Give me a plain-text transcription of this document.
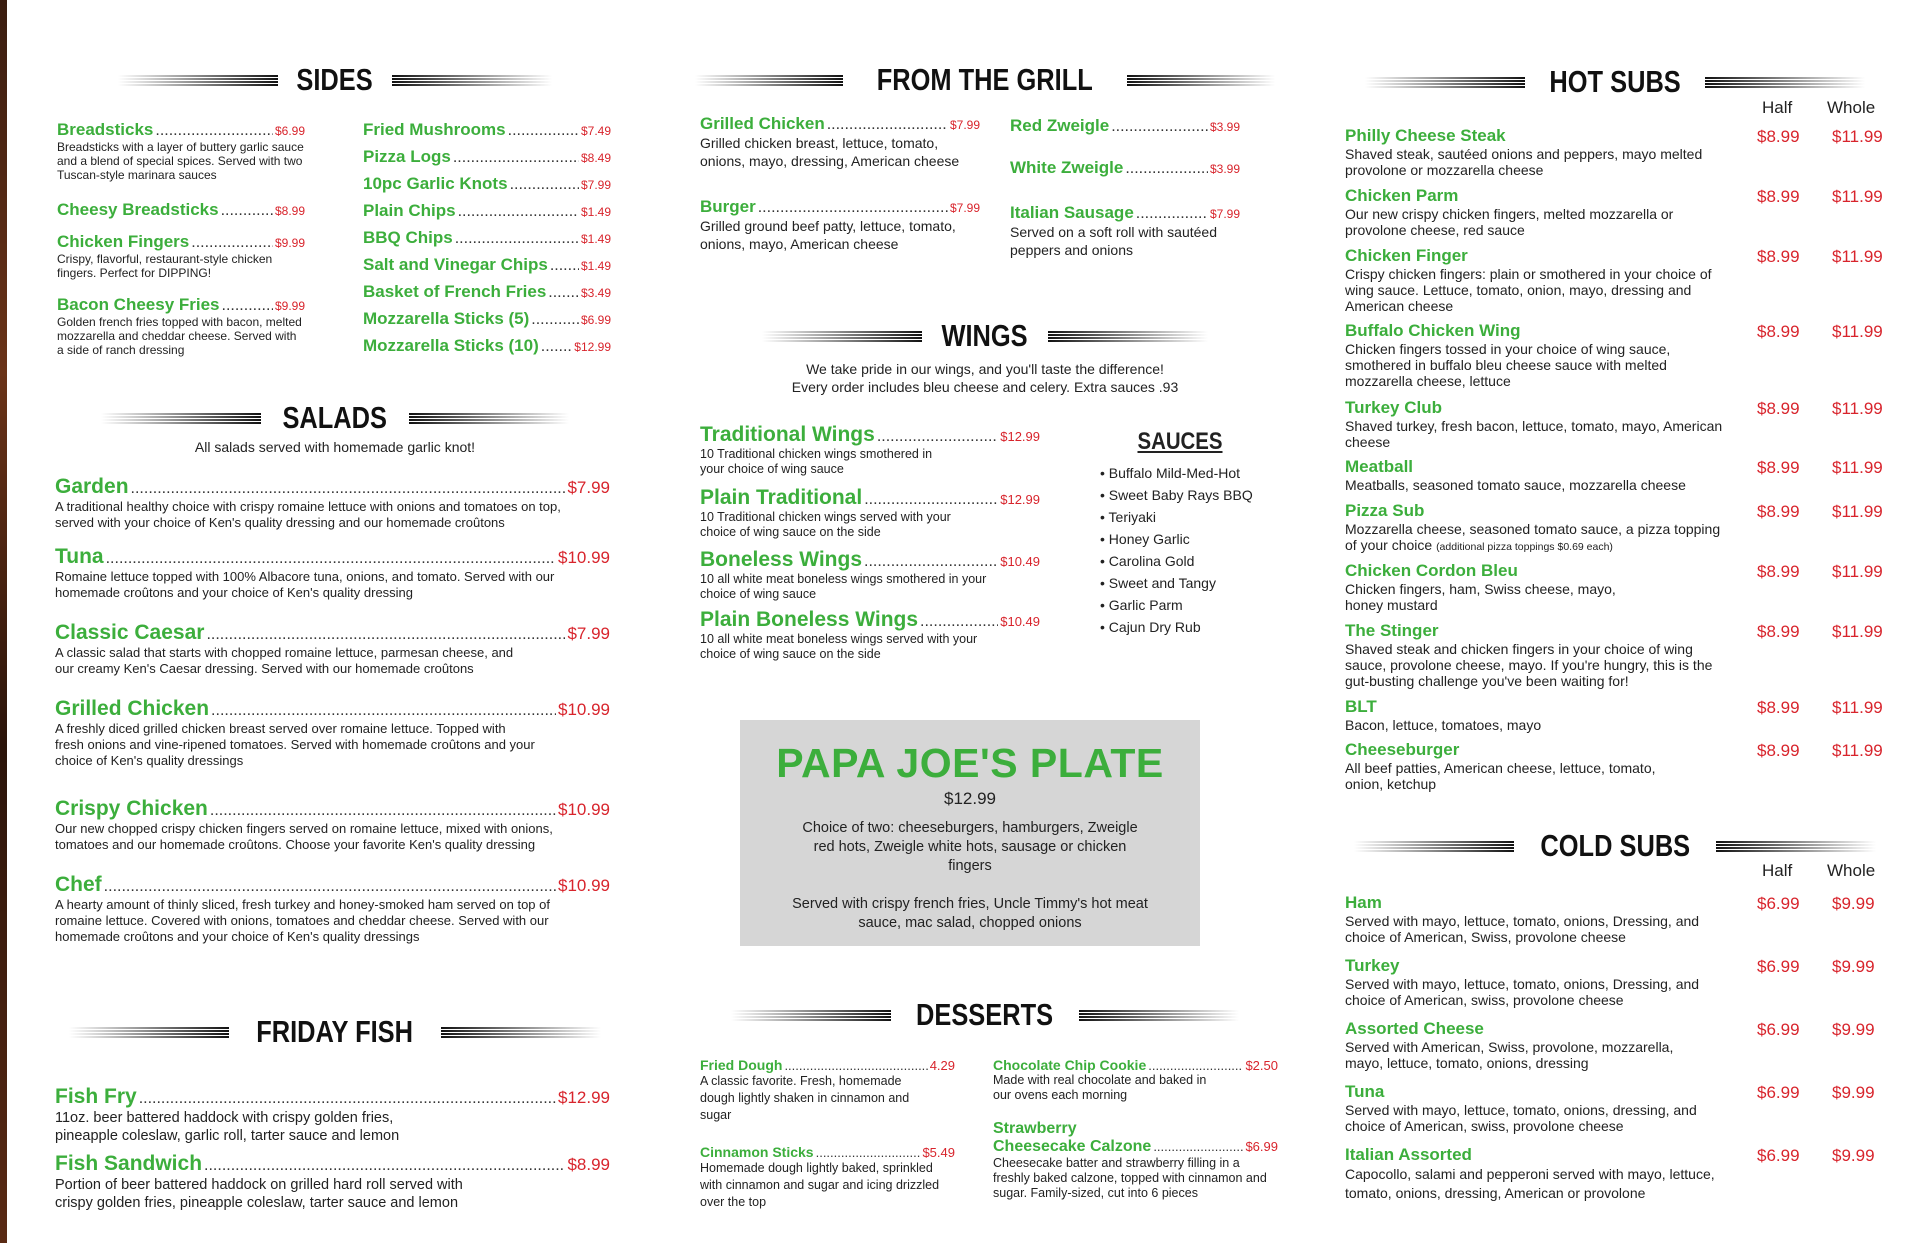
SIDES
Breadsticks .....	$6.99
Breadsticks with a layer of buttery garlic sauce and a blend of special spices. Served with two Tuscan-style marinara sauces
Cheesy Breadsticks .....	$8.99
Chicken Fingers .....	$9.99
Crispy, flavorful, restaurant-style chicken fingers. Perfect for DIPPING!
Bacon Cheesy Fries .....	$9.99
Golden french fries topped with bacon, melted mozzarella and cheddar cheese. Served with a side of ranch dressing
Fried Mushrooms .....	$7.49
Pizza Logs .....	$8.49
10pc Garlic Knots .....	$7.99
Plain Chips .....	$1.49
BBQ Chips .....	$1.49
Salt and Vinegar Chips .....	$1.49
Basket of French Fries .....	$3.49
Mozzarella Sticks (5) .....	$6.99
Mozzarella Sticks (10) .....	$12.99
SALADS
All salads served with homemade garlic knot!
Garden .....	$7.99
A traditional healthy choice with crispy romaine lettuce with onions and tomatoes on top, served with your choice of Ken's quality dressing and our homemade croûtons
Tuna .....	$10.99
Romaine lettuce topped with 100% Albacore tuna, onions, and tomato. Served with our homemade croûtons and your choice of Ken's quality dressing
Classic Caesar .....	$7.99
A classic salad that starts with chopped romaine lettuce, parmesan cheese, and our creamy Ken's Caesar dressing. Served with our homemade croûtons
Grilled Chicken .....	$10.99
A freshly diced grilled chicken breast served over romaine lettuce. Topped with fresh onions and vine-ripened tomatoes. Served with homemade croûtons and your choice of Ken's quality dressings
Crispy Chicken .....	$10.99
Our new chopped crispy chicken fingers served on romaine lettuce, mixed with onions, tomatoes and our homemade croûtons. Choose your favorite Ken's quality dressing
Chef .....	$10.99
A hearty amount of thinly sliced, fresh turkey and honey-smoked ham served on top of romaine lettuce. Covered with onions, tomatoes and cheddar cheese. Served with our homemade croûtons and your choice of Ken's quality dressings
FRIDAY FISH
Fish Fry .....	$12.99
11oz. beer battered haddock with crispy golden fries, pineapple coleslaw, garlic roll, tarter sauce and lemon
Fish Sandwich .....	$8.99
Portion of beer battered haddock on grilled hard roll served with crispy golden fries, pineapple coleslaw, tarter sauce and lemon
FROM THE GRILL
Grilled Chicken .....	$7.99
Grilled chicken breast, lettuce, tomato, onions, mayo, dressing, American cheese
Burger .....	$7.99
Grilled ground beef patty, lettuce, tomato, onions, mayo, American cheese
Red Zweigle .....	$3.99
White Zweigle .....	$3.99
Italian Sausage .....	$7.99
Served on a soft roll with sautéed peppers and onions
WINGS
We take pride in our wings, and you'll taste the difference!
Every order includes bleu cheese and celery. Extra sauces .93
Traditional Wings .....	$12.99
10 Traditional chicken wings smothered in your choice of wing sauce
Plain Traditional .....	$12.99
10 Traditional chicken wings served with your choice of wing sauce on the side
Boneless Wings .....	$10.49
10 all white meat boneless wings smothered in your choice of wing sauce
Plain Boneless Wings .....	$10.49
10 all white meat boneless wings served with your choice of wing sauce on the side
DESSERTS
Fried Dough .....	4.29
A classic favorite. Fresh, homemade dough lightly shaken in cinnamon and sugar
Cinnamon Sticks .....	$5.49
Homemade dough lightly baked, sprinkled with cinnamon and sugar and icing drizzled over the top
Chocolate Chip Cookie .....	$2.50
Made with real chocolate and baked in our ovens each morning
Strawberry
Cheesecake Calzone .....	$6.99
Cheesecake batter and strawberry filling in a freshly baked calzone, topped with cinnamon and sugar. Family-sized, cut into 6 pieces
SAUCES
• Buffalo Mild-Med-Hot
• Sweet Baby Rays BBQ
• Teriyaki
• Honey Garlic
• Carolina Gold
• Sweet and Tangy
• Garlic Parm
• Cajun Dry Rub
PAPA JOE'S PLATE
$12.99
Choice of two: cheeseburgers, hamburgers, Zweigle red hots, Zweigle white hots, sausage or chicken fingers
Served with crispy french fries, Uncle Timmy's hot meat sauce, mac salad, chopped onions
HOT SUBS
Half Whole
Philly Cheese Steak
Shaved steak, sautéed onions and peppers, mayo melted provolone or mozzarella cheese
$8.99 $11.99
Chicken Parm
Our new crispy chicken fingers, melted mozzarella or provolone cheese, red sauce
$8.99 $11.99
Chicken Finger
Crispy chicken fingers: plain or smothered in your choice of wing sauce. Lettuce, tomato, onion, mayo, dressing and American cheese
$8.99 $11.99
Buffalo Chicken Wing
Chicken fingers tossed in your choice of wing sauce, smothered in buffalo bleu cheese sauce with melted mozzarella cheese, lettuce
$8.99 $11.99
Turkey Club
Shaved turkey, fresh bacon, lettuce, tomato, mayo, American cheese
$8.99 $11.99
Meatball
Meatballs, seasoned tomato sauce, mozzarella cheese
$8.99 $11.99
Pizza Sub
Mozzarella cheese, seasoned tomato sauce, a pizza topping of your choice (additional pizza toppings $0.69 each)
$8.99 $11.99
Chicken Cordon Bleu
Chicken fingers, ham, Swiss cheese, mayo, honey mustard
$8.99 $11.99
The Stinger
Shaved steak and chicken fingers in your choice of wing sauce, provolone cheese, mayo. If you're hungry, this is the gut-busting challenge you've been waiting for!
$8.99 $11.99
BLT
Bacon, lettuce, tomatoes, mayo
$8.99 $11.99
Cheeseburger
All beef patties, American cheese, lettuce, tomato, onion, ketchup
$8.99 $11.99
COLD SUBS
Half Whole
Ham
Served with mayo, lettuce, tomato, onions, Dressing, and choice of American, Swiss, provolone cheese
$6.99 $9.99
Turkey
Served with mayo, lettuce, tomato, onions, Dressing, and choice of American, swiss, provolone cheese
$6.99 $9.99
Assorted Cheese
Served with American, Swiss, provolone, mozzarella, mayo, lettuce, tomato, onions, dressing
$6.99 $9.99
Tuna
Served with mayo, lettuce, tomato, onions, dressing, and choice of American, swiss, provolone cheese
$6.99 $9.99
Italian Assorted
Capocollo, salami and pepperoni served with mayo, lettuce, tomato, onions, dressing, American or provolone
$6.99 $9.99
